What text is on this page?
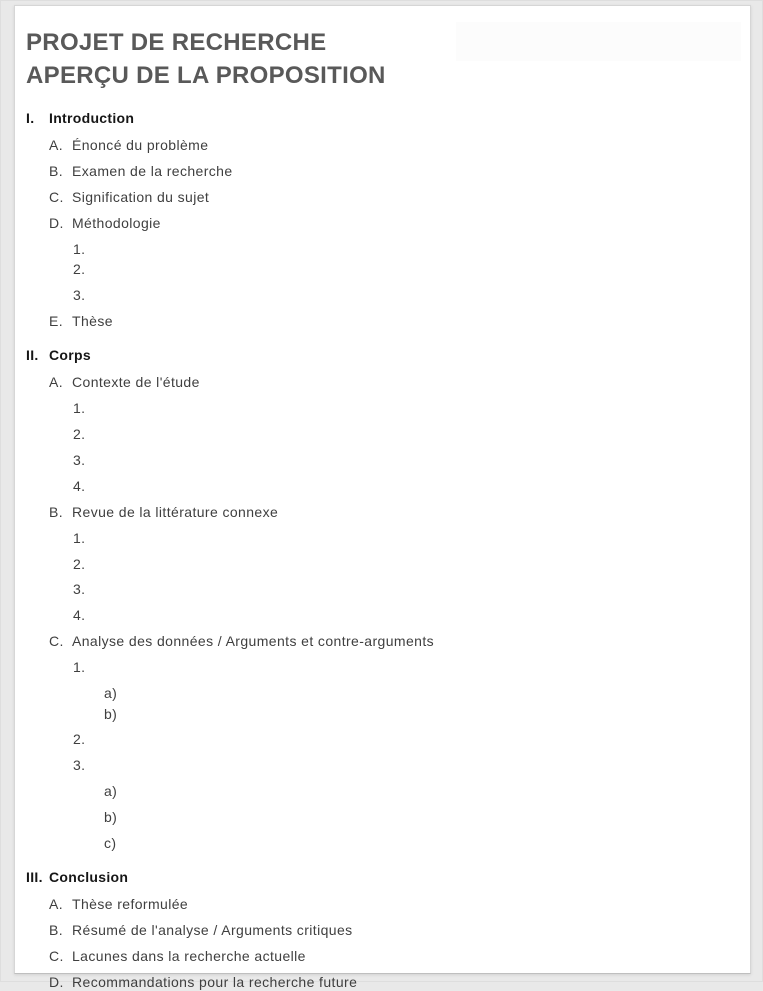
PROJET DE RECHERCHE
APERÇU DE LA PROPOSITION
I.	Introduction
A. Énoncé du problème
B. Examen de la recherche
C. Signification du sujet
D. Méthodologie
1.
2.
3.
E. Thèse
II. Corps
A. Contexte de l'étude
1.
2.
3.
4.
B. Revue de la littérature connexe
1.
2.
3.
4.
C. Analyse des données / Arguments et contre-arguments
1.
a)
b)
2.
3.
a)
b)
c)
III. Conclusion
A. Thèse reformulée
B. Résumé de l'analyse / Arguments critiques
C. Lacunes dans la recherche actuelle
D. Recommandations pour la recherche future
